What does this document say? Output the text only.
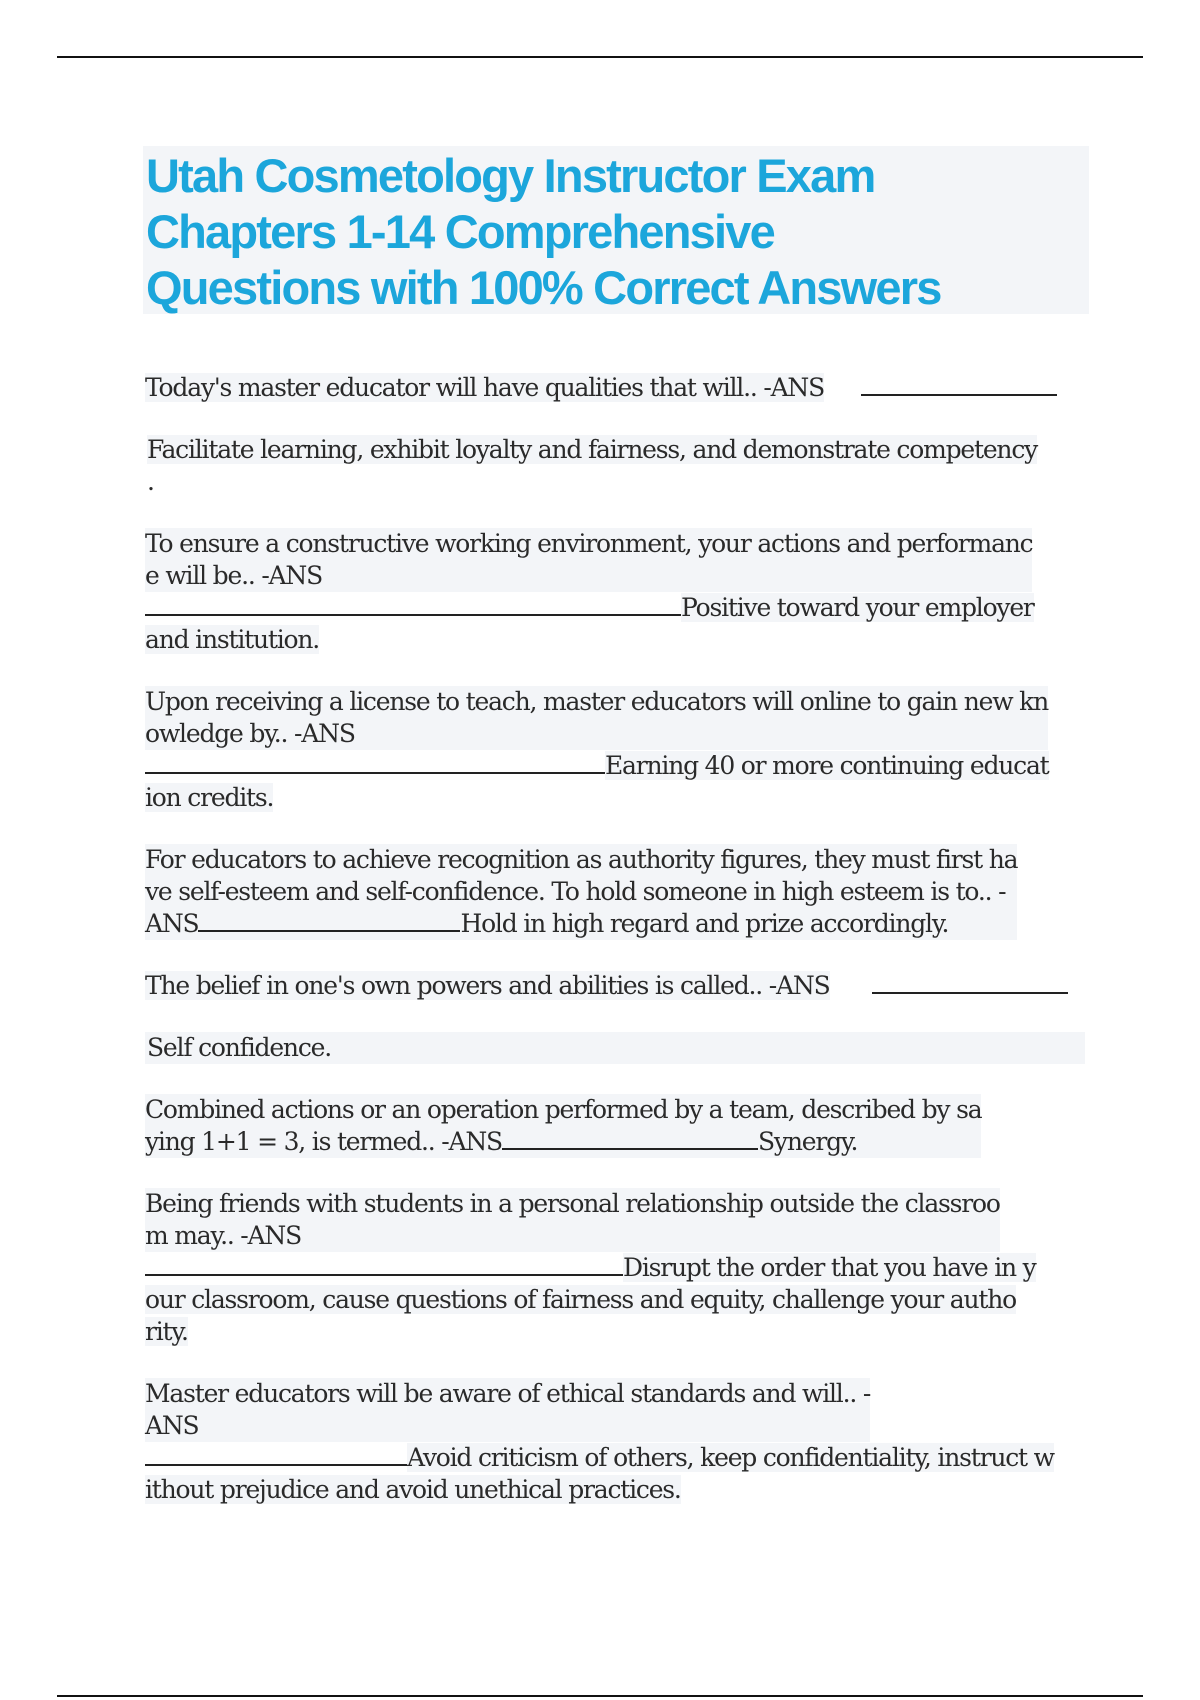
Utah Cosmetology Instructor Exam
Chapters 1-14 Comprehensive
Questions with 100% Correct Answers
Today's master educator will have qualities that will.. -ANS
Facilitate learning, exhibit loyalty and fairness, and demonstrate competency
.
To ensure a constructive working environment, your actions and performanc
e will be.. -ANS
Positive toward your employer
and institution.
Upon receiving a license to teach, master educators will online to gain new kn
owledge by.. -ANS
Earning 40 or more continuing educat
ion credits.
For educators to achieve recognition as authority figures, they must first ha
ve self-esteem and self-confidence. To hold someone in high esteem is to.. -
ANS	Hold in high regard and prize accordingly.
The belief in one's own powers and abilities is called.. -ANS
Self confidence.
Combined actions or an operation performed by a team, described by sa
ying 1+1 = 3, is termed.. -ANS	Synergy.
Being friends with students in a personal relationship outside the classroo
m may.. -ANS
Disrupt the order that you have in y
our classroom, cause questions of fairness and equity, challenge your autho
rity.
Master educators will be aware of ethical standards and will.. -
ANS
Avoid criticism of others, keep confidentiality, instruct w
ithout prejudice and avoid unethical practices.
